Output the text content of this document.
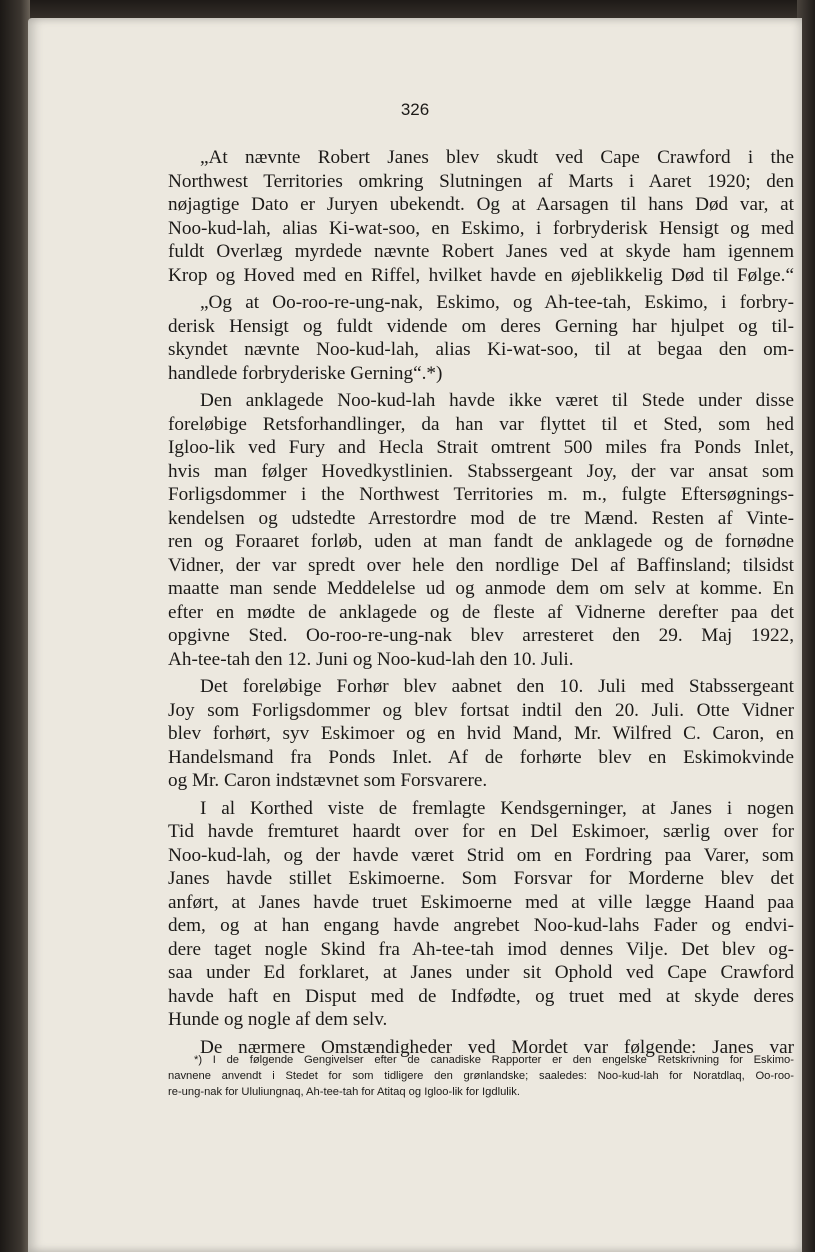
326
„At nævnte Robert Janes blev skudt ved Cape Crawford i the
Northwest Territories omkring Slutningen af Marts i Aaret 1920; den
nøjagtige Dato er Juryen ubekendt. Og at Aarsagen til hans Død var, at
Noo-kud-lah, alias Ki-wat-soo, en Eskimo, i forbryderisk Hensigt og med
fuldt Overlæg myrdede nævnte Robert Janes ved at skyde ham igennem
Krop og Hoved med en Riffel, hvilket havde en øjeblikkelig Død til Følge.“
„Og at Oo-roo-re-ung-nak, Eskimo, og Ah-tee-tah, Eskimo, i forbry-
derisk Hensigt og fuldt vidende om deres Gerning har hjulpet og til-
skyndet nævnte Noo-kud-lah, alias Ki-wat-soo, til at begaa den om-
handlede forbryderiske Gerning“.*)
Den anklagede Noo-kud-lah havde ikke været til Stede under disse
foreløbige Retsforhandlinger, da han var flyttet til et Sted, som hed
Igloo-lik ved Fury and Hecla Strait omtrent 500 miles fra Ponds Inlet,
hvis man følger Hovedkystlinien. Stabssergeant Joy, der var ansat som
Forligsdommer i the Northwest Territories m. m., fulgte Eftersøgnings-
kendelsen og udstedte Arrestordre mod de tre Mænd. Resten af Vinte-
ren og Foraaret forløb, uden at man fandt de anklagede og de fornødne
Vidner, der var spredt over hele den nordlige Del af Baffinsland; tilsidst
maatte man sende Meddelelse ud og anmode dem om selv at komme. En
efter en mødte de anklagede og de fleste af Vidnerne derefter paa det
opgivne Sted. Oo-roo-re-ung-nak blev arresteret den 29. Maj 1922,
Ah-tee-tah den 12. Juni og Noo-kud-lah den 10. Juli.
Det foreløbige Forhør blev aabnet den 10. Juli med Stabssergeant
Joy som Forligsdommer og blev fortsat indtil den 20. Juli. Otte Vidner
blev forhørt, syv Eskimoer og en hvid Mand, Mr. Wilfred C. Caron, en
Handelsmand fra Ponds Inlet. Af de forhørte blev en Eskimokvinde
og Mr. Caron indstævnet som Forsvarere.
I al Korthed viste de fremlagte Kendsgerninger, at Janes i nogen
Tid havde fremturet haardt over for en Del Eskimoer, særlig over for
Noo-kud-lah, og der havde været Strid om en Fordring paa Varer, som
Janes havde stillet Eskimoerne. Som Forsvar for Morderne blev det
anført, at Janes havde truet Eskimoerne med at ville lægge Haand paa
dem, og at han engang havde angrebet Noo-kud-lahs Fader og endvi-
dere taget nogle Skind fra Ah-tee-tah imod dennes Vilje. Det blev og-
saa under Ed forklaret, at Janes under sit Ophold ved Cape Crawford
havde haft en Disput med de Indfødte, og truet med at skyde deres
Hunde og nogle af dem selv.
De nærmere Omstændigheder ved Mordet var følgende: Janes var
*) I de følgende Gengivelser efter de canadiske Rapporter er den engelske Retskrivning for Eskimo-
navnene anvendt i Stedet for som tidligere den grønlandske; saaledes: Noo-kud-lah for Noratdlaq, Oo-roo-
re-ung-nak for Ululiungnaq, Ah-tee-tah for Atitaq og Igloo-lik for Igdlulik.
